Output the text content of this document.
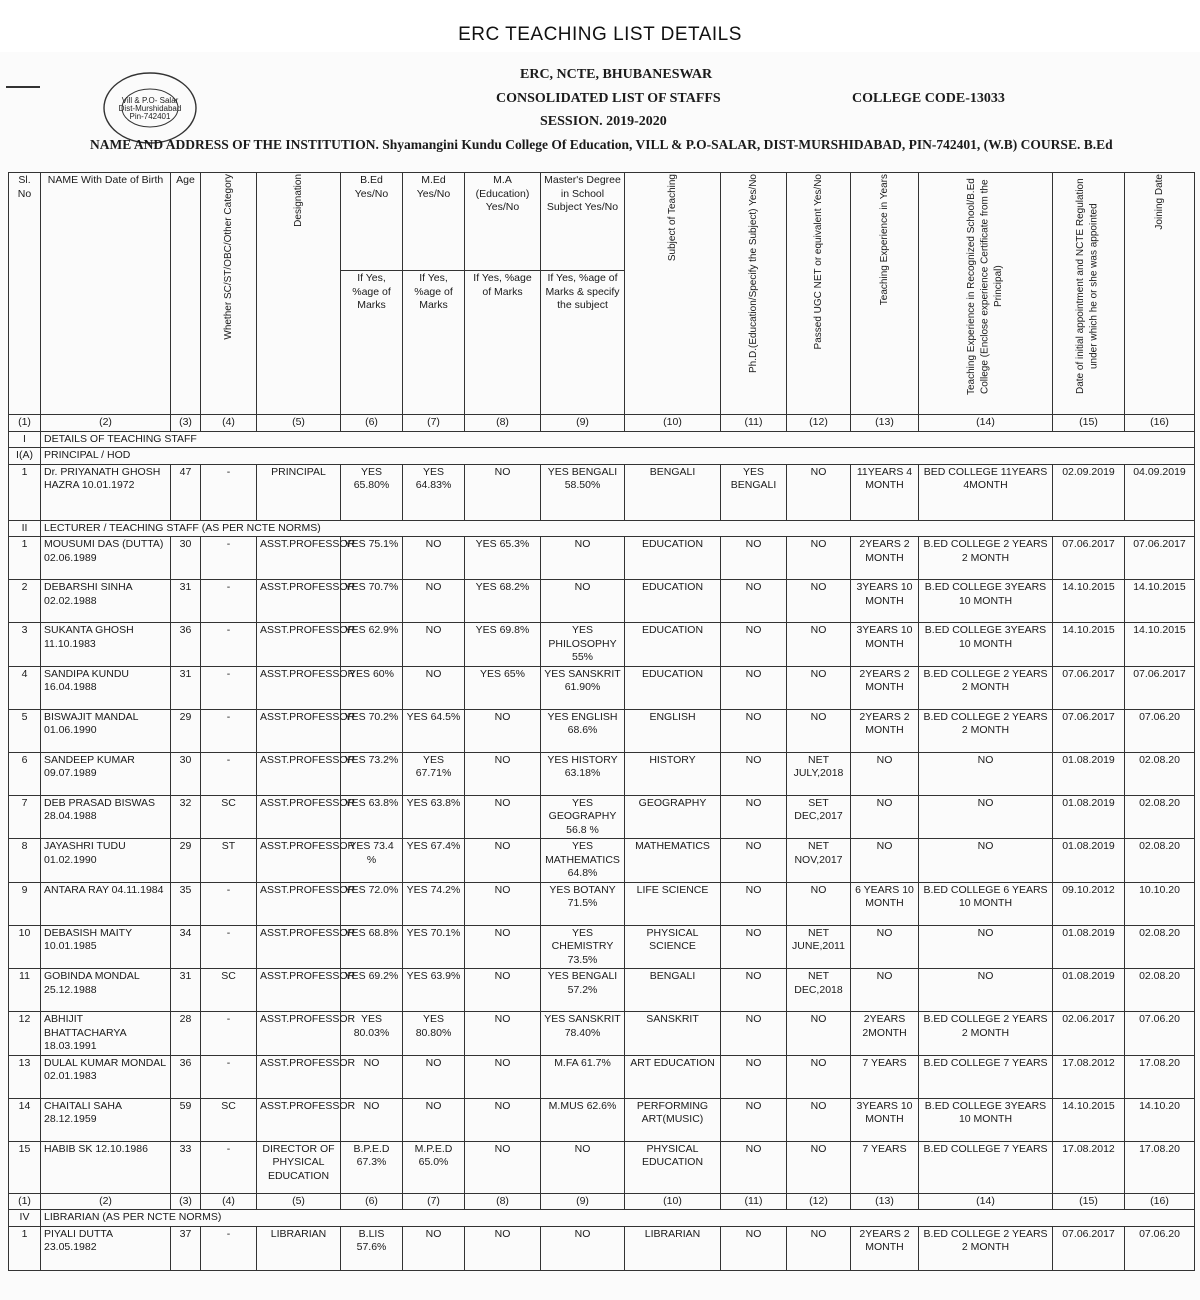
ERC TEACHING LIST DETAILS
Vill & P.O- Salar
Dist-Murshidabad
Pin-742401
ERC, NCTE, BHUBANESWAR
CONSOLIDATED LIST OF STAFFS
SESSION. 2019-2020
COLLEGE CODE-13033
NAME AND ADDRESS OF THE INSTITUTION. Shyamangini Kundu College Of Education, VILL & P.O-SALAR, DIST-MURSHIDABAD, PIN-742401, (W.B) COURSE. B.Ed
Sl. No	NAME With Date of Birth	Age	Whether SC/ST/OBC/Other Category	Designation	B.Ed Yes/No	M.Ed Yes/No	M.A (Education) Yes/No	Master's Degree in School Subject Yes/No	Subject of Teaching	Ph.D.(Education/Specify the Subject) Yes/No	Passed UGC NET or equivalent Yes/No	Teaching Experience in Years	Teaching Experience in Recognized School/B.Ed College (Enclose experience Certificate from the Principal)	Date of initial appointment and NCTE Regulation under which he or she was appointed	Joining Date

					If Yes, %age of Marks	If Yes, %age of Marks	If Yes, %age of Marks	If Yes, %age of Marks & specify the subject							
(1)	(2)	(3)	(4)	(5)	(6)	(7)	(8)	(9)	(10)	(11)	(12)	(13)	(14)	(15)	(16)
I	DETAILS OF TEACHING STAFF														
I(A)	PRINCIPAL / HOD														
1	Dr. PRIYANATH GHOSH HAZRA 10.01.1972	47	-	PRINCIPAL	YES 65.80%	YES 64.83%	NO	YES BENGALI 58.50%	BENGALI	YES BENGALI	NO	11YEARS 4 MONTH	BED COLLEGE 11YEARS 4MONTH	02.09.2019	04.09.2019
II	LECTURER / TEACHING STAFF (AS PER NCTE NORMS)														
1	MOUSUMI DAS (DUTTA) 02.06.1989	30	-	ASST.PROFESSOR	YES 75.1%	NO	YES 65.3%	NO	EDUCATION	NO	NO	2YEARS 2 MONTH	B.ED COLLEGE 2 YEARS 2 MONTH	07.06.2017	07.06.2017
2	DEBARSHI SINHA 02.02.1988	31	-	ASST.PROFESSOR	YES 70.7%	NO	YES 68.2%	NO	EDUCATION	NO	NO	3YEARS 10 MONTH	B.ED COLLEGE 3YEARS 10 MONTH	14.10.2015	14.10.2015
3	SUKANTA GHOSH 11.10.1983	36	-	ASST.PROFESSOR	YES 62.9%	NO	YES 69.8%	YES PHILOSOPHY 55%	EDUCATION	NO	NO	3YEARS 10 MONTH	B.ED COLLEGE 3YEARS 10 MONTH	14.10.2015	14.10.2015
4	SANDIPA KUNDU 16.04.1988	31	-	ASST.PROFESSOR	YES 60%	NO	YES 65%	YES SANSKRIT 61.90%	EDUCATION	NO	NO	2YEARS 2 MONTH	B.ED COLLEGE 2 YEARS 2 MONTH	07.06.2017	07.06.2017
5	BISWAJIT MANDAL 01.06.1990	29	-	ASST.PROFESSOR	YES 70.2%	YES 64.5%	NO	YES ENGLISH 68.6%	ENGLISH	NO	NO	2YEARS 2 MONTH	B.ED COLLEGE 2 YEARS 2 MONTH	07.06.2017	07.06.20
6	SANDEEP KUMAR 09.07.1989	30	-	ASST.PROFESSOR	YES 73.2%	YES 67.71%	NO	YES HISTORY 63.18%	HISTORY	NO	NET JULY,2018	NO	NO	01.08.2019	02.08.20
7	DEB PRASAD BISWAS 28.04.1988	32	SC	ASST.PROFESSOR	YES 63.8%	YES 63.8%	NO	YES GEOGRAPHY 56.8 %	GEOGRAPHY	NO	SET DEC,2017	NO	NO	01.08.2019	02.08.20
8	JAYASHRI TUDU 01.02.1990	29	ST	ASST.PROFESSOR	YES 73.4 %	YES 67.4%	NO	YES MATHEMATICS 64.8%	MATHEMATICS	NO	NET NOV,2017	NO	NO	01.08.2019	02.08.20
9	ANTARA RAY 04.11.1984	35	-	ASST.PROFESSOR	YES 72.0%	YES 74.2%	NO	YES BOTANY 71.5%	LIFE SCIENCE	NO	NO	6 YEARS 10 MONTH	B.ED COLLEGE 6 YEARS 10 MONTH	09.10.2012	10.10.20
10	DEBASISH MAITY 10.01.1985	34	-	ASST.PROFESSOR	YES 68.8%	YES 70.1%	NO	YES CHEMISTRY 73.5%	PHYSICAL SCIENCE	NO	NET JUNE,2011	NO	NO	01.08.2019	02.08.20
11	GOBINDA MONDAL 25.12.1988	31	SC	ASST.PROFESSOR	YES 69.2%	YES 63.9%	NO	YES BENGALI 57.2%	BENGALI	NO	NET DEC,2018	NO	NO	01.08.2019	02.08.20
12	ABHIJIT BHATTACHARYA 18.03.1991	28	-	ASST.PROFESSOR	YES 80.03%	YES 80.80%	NO	YES SANSKRIT 78.40%	SANSKRIT	NO	NO	2YEARS 2MONTH	B.ED COLLEGE 2 YEARS 2 MONTH	02.06.2017	07.06.20
13	DULAL KUMAR MONDAL 02.01.1983	36	-	ASST.PROFESSOR	NO	NO	NO	M.FA 61.7%	ART EDUCATION	NO	NO	7 YEARS	B.ED COLLEGE 7 YEARS	17.08.2012	17.08.20
14	CHAITALI SAHA 28.12.1959	59	SC	ASST.PROFESSOR	NO	NO	NO	M.MUS 62.6%	PERFORMING ART(MUSIC)	NO	NO	3YEARS 10 MONTH	B.ED COLLEGE 3YEARS 10 MONTH	14.10.2015	14.10.20
15	HABIB SK 12.10.1986	33	-	DIRECTOR OF PHYSICAL EDUCATION	B.P.E.D 67.3%	M.P.E.D 65.0%	NO	NO	PHYSICAL EDUCATION	NO	NO	7 YEARS	B.ED COLLEGE 7 YEARS	17.08.2012	17.08.20
(1)	(2)	(3)	(4)	(5)	(6)	(7)	(8)	(9)	(10)	(11)	(12)	(13)	(14)	(15)	(16)
IV	LIBRARIAN (AS PER NCTE NORMS)														
1	PIYALI DUTTA 23.05.1982	37	-	LIBRARIAN	B.LIS 57.6%	NO	NO	NO	LIBRARIAN	NO	NO	2YEARS 2 MONTH	B.ED COLLEGE 2 YEARS 2 MONTH	07.06.2017	07.06.20
